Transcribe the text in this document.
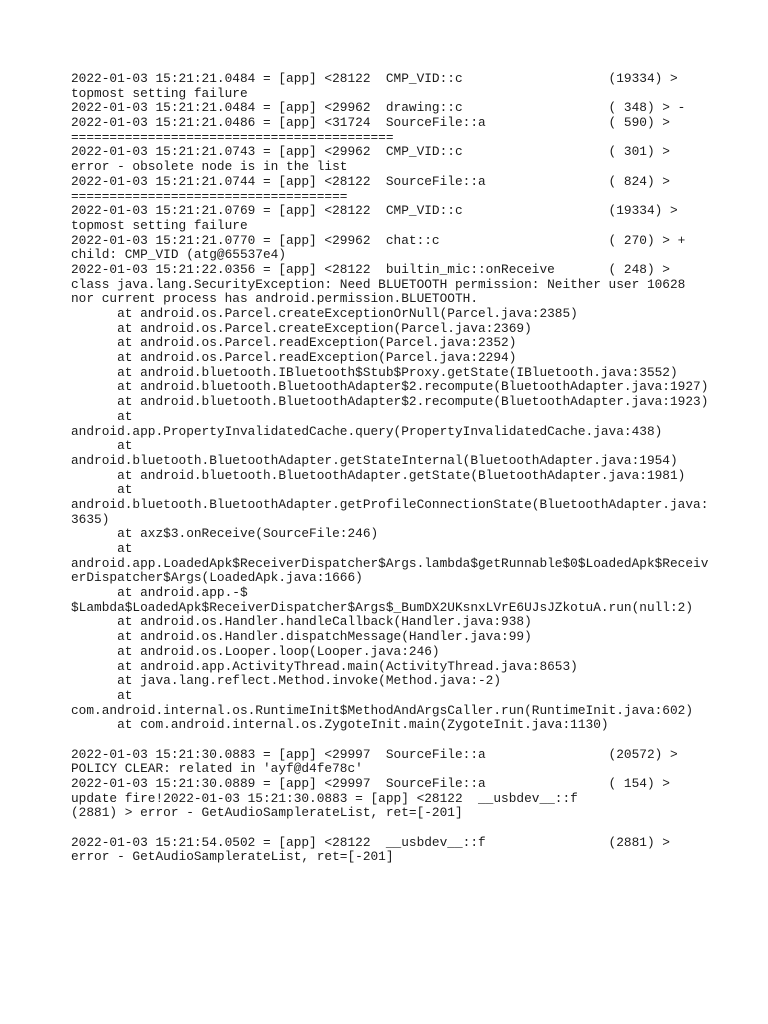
2022-01-03 15:21:21.0484 = [app] <28122  CMP_VID::c                   (19334) >
topmost setting failure
2022-01-03 15:21:21.0484 = [app] <29962  drawing::c                   ( 348) > -
2022-01-03 15:21:21.0486 = [app] <31724  SourceFile::a                ( 590) >
==========================================
2022-01-03 15:21:21.0743 = [app] <29962  CMP_VID::c                   ( 301) >
error - obsolete node is in the list
2022-01-03 15:21:21.0744 = [app] <28122  SourceFile::a                ( 824) >
====================================
2022-01-03 15:21:21.0769 = [app] <28122  CMP_VID::c                   (19334) >
topmost setting failure
2022-01-03 15:21:21.0770 = [app] <29962  chat::c                      ( 270) > +
child: CMP_VID (atg@65537e4)
2022-01-03 15:21:22.0356 = [app] <28122  builtin_mic::onReceive       ( 248) >
class java.lang.SecurityException: Need BLUETOOTH permission: Neither user 10628
nor current process has android.permission.BLUETOOTH.
at android.os.Parcel.createExceptionOrNull(Parcel.java:2385)
at android.os.Parcel.createException(Parcel.java:2369)
at android.os.Parcel.readException(Parcel.java:2352)
at android.os.Parcel.readException(Parcel.java:2294)
at android.bluetooth.IBluetooth$Stub$Proxy.getState(IBluetooth.java:3552)
at android.bluetooth.BluetoothAdapter$2.recompute(BluetoothAdapter.java:1927)
at android.bluetooth.BluetoothAdapter$2.recompute(BluetoothAdapter.java:1923)
at
android.app.PropertyInvalidatedCache.query(PropertyInvalidatedCache.java:438)
at
android.bluetooth.BluetoothAdapter.getStateInternal(BluetoothAdapter.java:1954)
at android.bluetooth.BluetoothAdapter.getState(BluetoothAdapter.java:1981)
at
android.bluetooth.BluetoothAdapter.getProfileConnectionState(BluetoothAdapter.java:
3635)
at axz$3.onReceive(SourceFile:246)
at
android.app.LoadedApk$ReceiverDispatcher$Args.lambda$getRunnable$0$LoadedApk$Receiv
erDispatcher$Args(LoadedApk.java:1666)
at android.app.-$
$Lambda$LoadedApk$ReceiverDispatcher$Args$_BumDX2UKsnxLVrE6UJsJZkotuA.run(null:2)
at android.os.Handler.handleCallback(Handler.java:938)
at android.os.Handler.dispatchMessage(Handler.java:99)
at android.os.Looper.loop(Looper.java:246)
at android.app.ActivityThread.main(ActivityThread.java:8653)
at java.lang.reflect.Method.invoke(Method.java:-2)
at
com.android.internal.os.RuntimeInit$MethodAndArgsCaller.run(RuntimeInit.java:602)
at com.android.internal.os.ZygoteInit.main(ZygoteInit.java:1130)
2022-01-03 15:21:30.0883 = [app] <29997  SourceFile::a                (20572) >
POLICY CLEAR: related in 'ayf@d4fe78c'
2022-01-03 15:21:30.0889 = [app] <29997  SourceFile::a                ( 154) >
update fire!2022-01-03 15:21:30.0883 = [app] <28122  __usbdev__::f
(2881) > error - GetAudioSamplerateList, ret=[-201]
2022-01-03 15:21:54.0502 = [app] <28122  __usbdev__::f                (2881) >
error - GetAudioSamplerateList, ret=[-201]
